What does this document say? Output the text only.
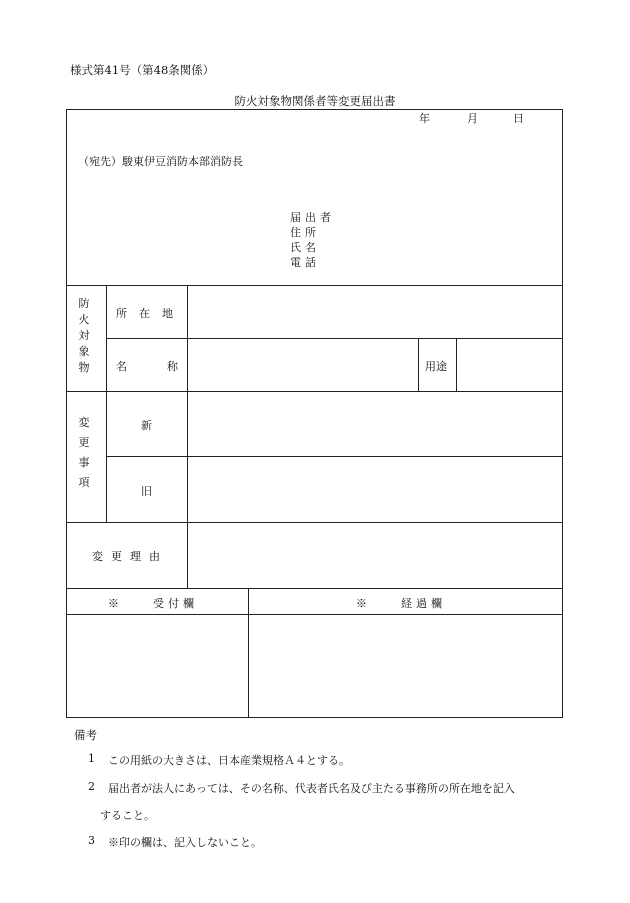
様式第41号（第48条関係）
防火対象物関係者等変更届出書
年	月	日
（宛先）駿東伊豆消防本部消防長
届出者
住所
氏名
電話
防火対象物
所在地
名称	用途
変更事項
新
旧
変更理由
※　　受付欄	※　　経過欄
備考
1 この用紙の大きさは、日本産業規格Ａ４とする。
2 届出者が法人にあっては、その名称、代表者氏名及び主たる事務所の所在地を記入
すること。
3 ※印の欄は、記入しないこと。
